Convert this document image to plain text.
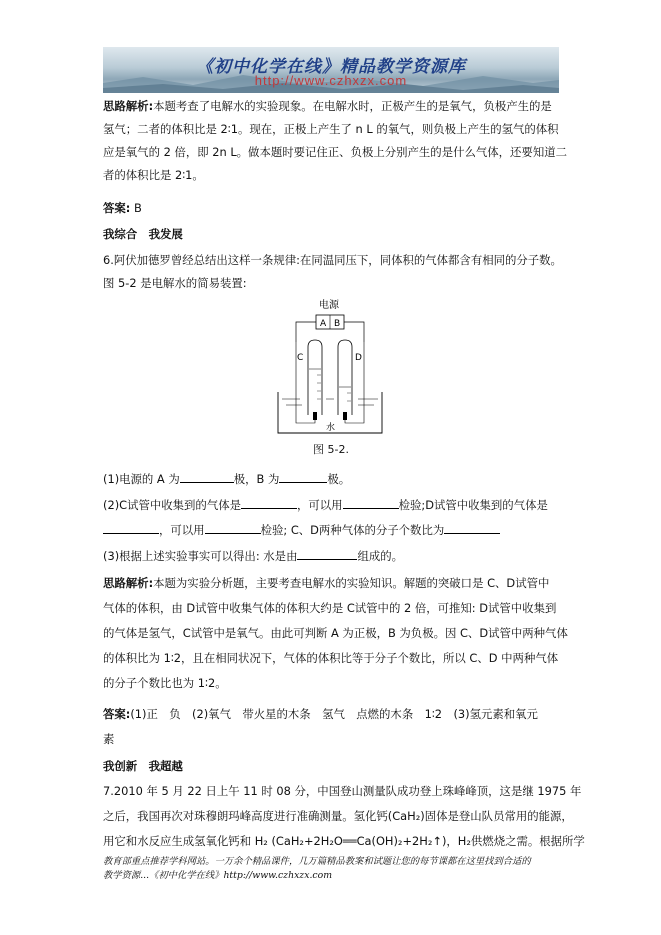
《初中化学在线》精品教学资源库
http://www.czhxzx.com
思路解析:本题考查了电解水的实验现象。在电解水时，正极产生的是氧气，负极产生的是
氢气；二者的体积比是 2∶1。现在，正极上产生了 n L 的氧气，则负极上产生的氢气的体积
应是氧气的 2 倍，即 2n L。做本题时要记住正、负极上分别产生的是什么气体，还要知道二
者的体积比是 2∶1。
答案: B
我综合　我发展
6.阿伏加德罗曾经总结出这样一条规律:在同温同压下，同体积的气体都含有相同的分子数。
图 5-2 是电解水的简易装置:
电源
A B
C	D
水
图 5-2.
(1)电源的 A 为	极，B 为	极。
(2)C试管中收集到的气体是	，可以用	检验;D试管中收集到的气体是
，可以用	检验; C、D两种气体的分子个数比为
(3)根据上述实验事实可以得出: 水是由	组成的。
思路解析:本题为实验分析题，主要考查电解水的实验知识。解题的突破口是 C、D试管中
气体的体积，由 D试管中收集气体的体积大约是 C试管中的 2 倍，可推知: D试管中收集到
的气体是氢气，C试管中是氧气。由此可判断 A 为正极，B 为负极。因 C、D试管中两种气体
的体积比为 1∶2，且在相同状况下，气体的体积比等于分子个数比，所以 C、D 中两种气体
的分子个数比也为 1∶2。
答案:(1)正　负　(2)氧气　带火星的木条　氢气　点燃的木条　1∶2　(3)氢元素和氧元
素
我创新　我超越
7.2010 年 5 月 22 日上午 11 时 08 分，中国登山测量队成功登上珠峰峰顶，这是继 1975 年
之后，我国再次对珠穆朗玛峰高度进行准确测量。氢化钙(CaH₂)固体是登山队员常用的能源，
用它和水反应生成氢氧化钙和 H₂ (CaH₂+2H₂O══Ca(OH)₂+2H₂↑)，H₂供燃烧之需。根据所学
教育部重点推荐学科网站。一万余个精品课件，几万篇精品教案和试题让您的每节课都在这里找到合适的
教学资源...《初中化学在线》http://www.czhxzx.com
